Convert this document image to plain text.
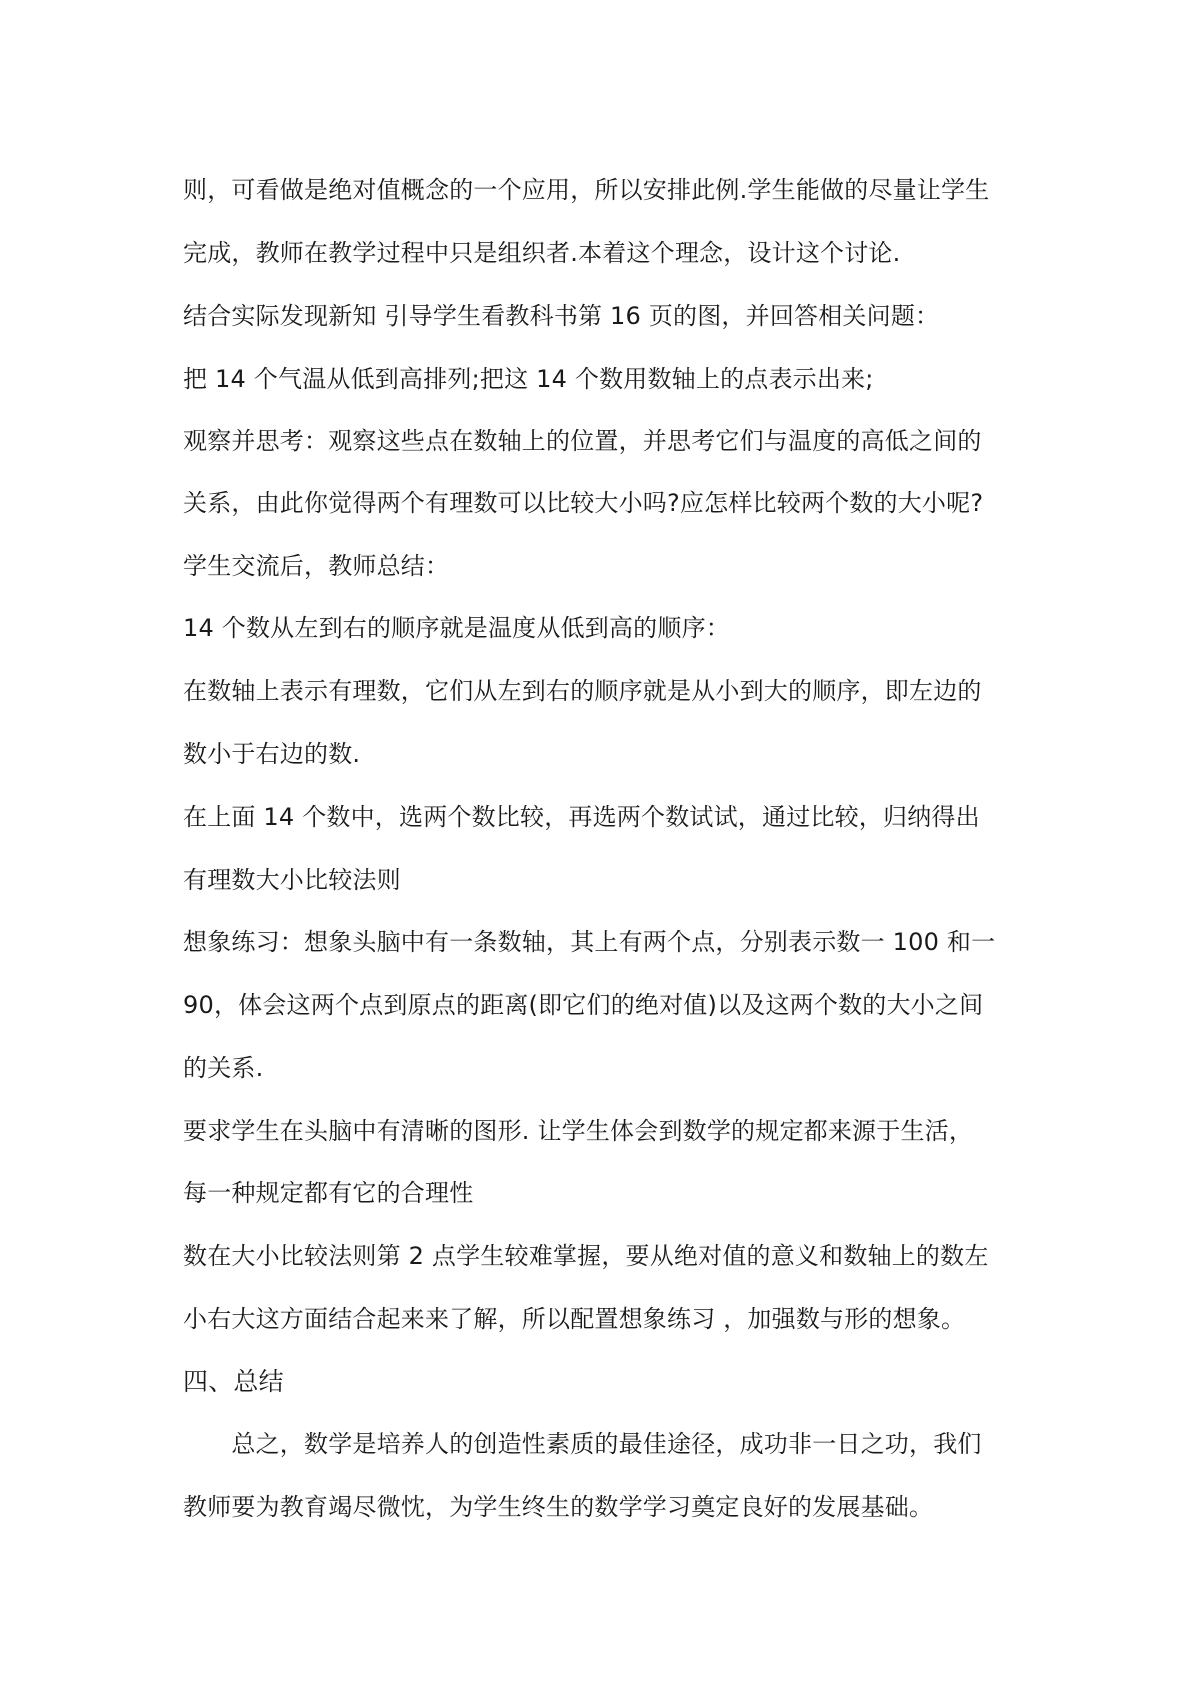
则，可看做是绝对值概念的一个应用，所以安排此例.学生能做的尽量让学生
完成，教师在教学过程中只是组织者.本着这个理念，设计这个讨论.
结合实际发现新知 引导学生看教科书第 16 页的图，并回答相关问题：
把 14 个气温从低到高排列;把这 14 个数用数轴上的点表示出来;
观察并思考：观察这些点在数轴上的位置，并思考它们与温度的高低之间的
关系，由此你觉得两个有理数可以比较大小吗?应怎样比较两个数的大小呢?
学生交流后，教师总结：
14 个数从左到右的顺序就是温度从低到高的顺序：
在数轴上表示有理数，它们从左到右的顺序就是从小到大的顺序，即左边的
数小于右边的数.
在上面 14 个数中，选两个数比较，再选两个数试试，通过比较，归纳得出
有理数大小比较法则
想象练习：想象头脑中有一条数轴，其上有两个点，分别表示数一 100 和一
90，体会这两个点到原点的距离(即它们的绝对值)以及这两个数的大小之间
的关系.
要求学生在头脑中有清晰的图形. 让学生体会到数学的规定都来源于生活，
每一种规定都有它的合理性
数在大小比较法则第 2 点学生较难掌握，要从绝对值的意义和数轴上的数左
小右大这方面结合起来来了解，所以配置想象练习 ，加强数与形的想象。
四、总结
　　总之，数学是培养人的创造性素质的最佳途径，成功非一日之功，我们
教师要为教育竭尽微忱，为学生终生的数学学习奠定良好的发展基础。
